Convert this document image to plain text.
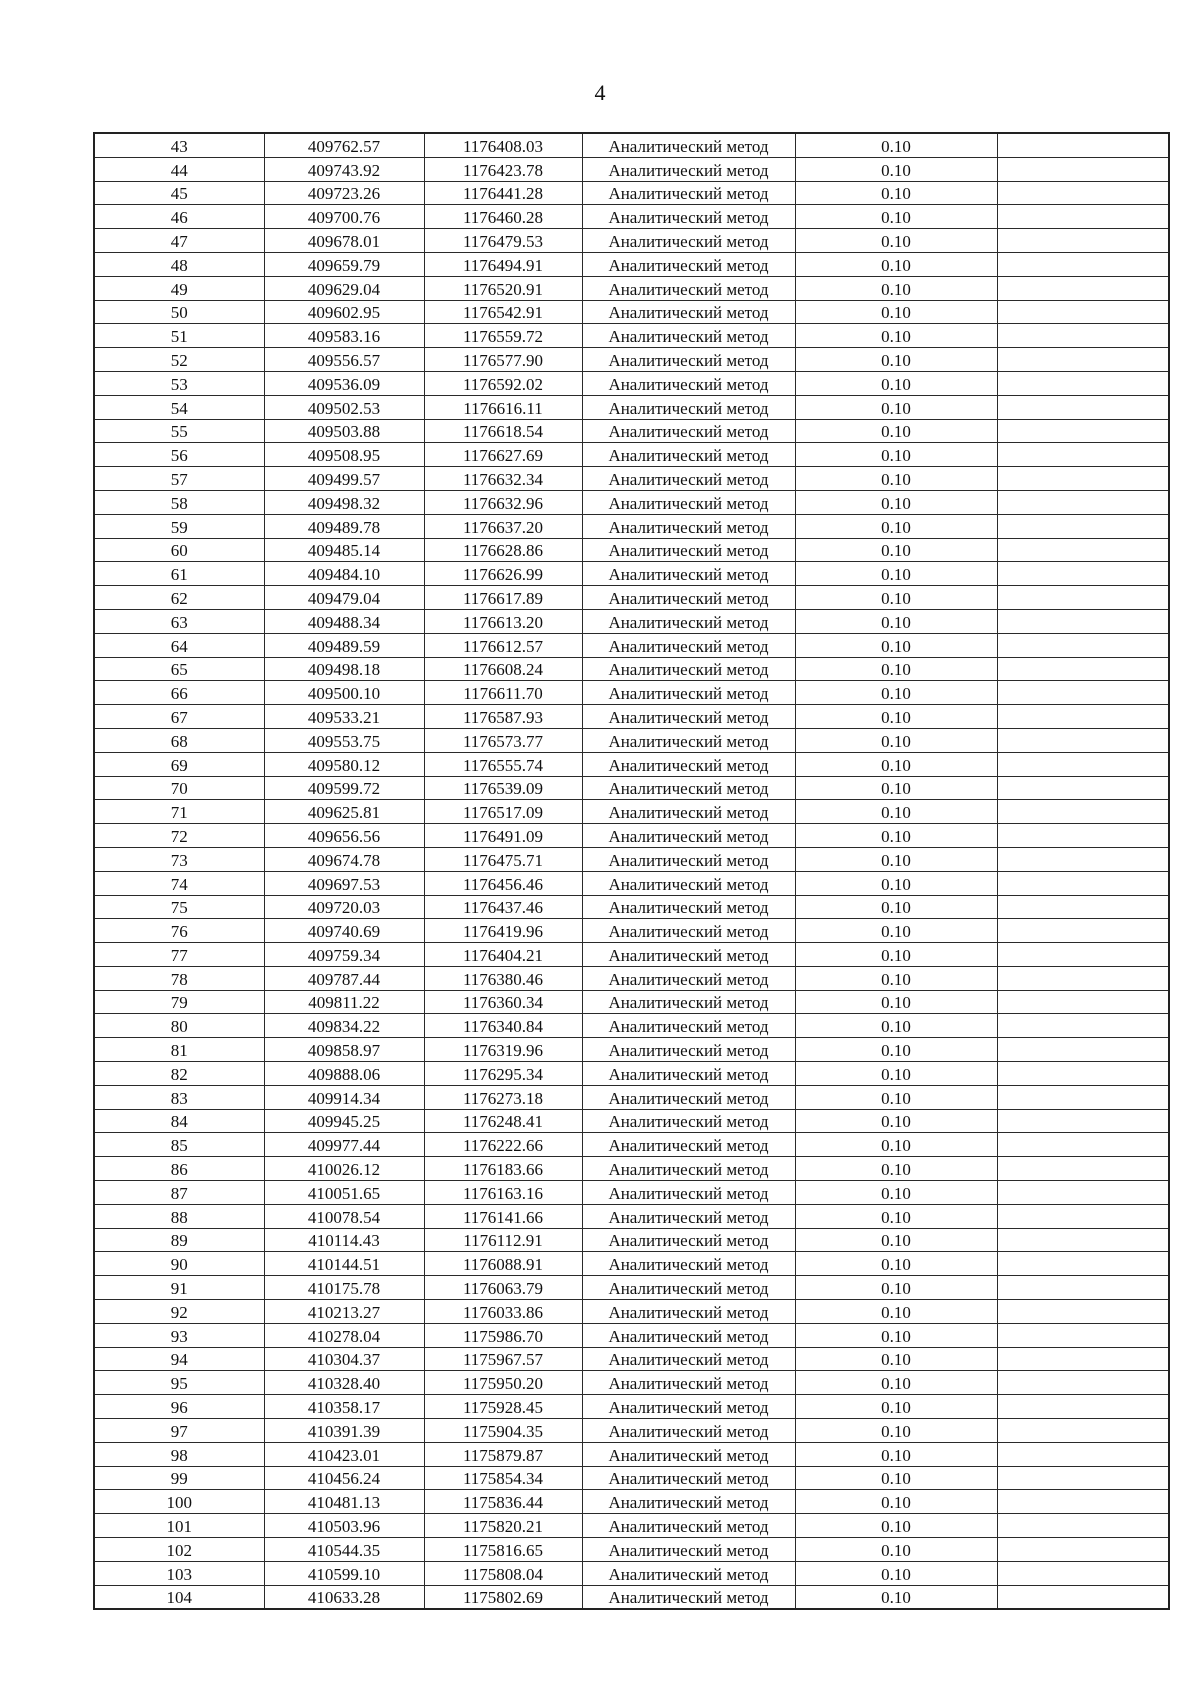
4
43	409762.57	1176408.03	Аналитический метод	0.10	
44	409743.92	1176423.78	Аналитический метод	0.10	
45	409723.26	1176441.28	Аналитический метод	0.10	
46	409700.76	1176460.28	Аналитический метод	0.10	
47	409678.01	1176479.53	Аналитический метод	0.10	
48	409659.79	1176494.91	Аналитический метод	0.10	
49	409629.04	1176520.91	Аналитический метод	0.10	
50	409602.95	1176542.91	Аналитический метод	0.10	
51	409583.16	1176559.72	Аналитический метод	0.10	
52	409556.57	1176577.90	Аналитический метод	0.10	
53	409536.09	1176592.02	Аналитический метод	0.10	
54	409502.53	1176616.11	Аналитический метод	0.10	
55	409503.88	1176618.54	Аналитический метод	0.10	
56	409508.95	1176627.69	Аналитический метод	0.10	
57	409499.57	1176632.34	Аналитический метод	0.10	
58	409498.32	1176632.96	Аналитический метод	0.10	
59	409489.78	1176637.20	Аналитический метод	0.10	
60	409485.14	1176628.86	Аналитический метод	0.10	
61	409484.10	1176626.99	Аналитический метод	0.10	
62	409479.04	1176617.89	Аналитический метод	0.10	
63	409488.34	1176613.20	Аналитический метод	0.10	
64	409489.59	1176612.57	Аналитический метод	0.10	
65	409498.18	1176608.24	Аналитический метод	0.10	
66	409500.10	1176611.70	Аналитический метод	0.10	
67	409533.21	1176587.93	Аналитический метод	0.10	
68	409553.75	1176573.77	Аналитический метод	0.10	
69	409580.12	1176555.74	Аналитический метод	0.10	
70	409599.72	1176539.09	Аналитический метод	0.10	
71	409625.81	1176517.09	Аналитический метод	0.10	
72	409656.56	1176491.09	Аналитический метод	0.10	
73	409674.78	1176475.71	Аналитический метод	0.10	
74	409697.53	1176456.46	Аналитический метод	0.10	
75	409720.03	1176437.46	Аналитический метод	0.10	
76	409740.69	1176419.96	Аналитический метод	0.10	
77	409759.34	1176404.21	Аналитический метод	0.10	
78	409787.44	1176380.46	Аналитический метод	0.10	
79	409811.22	1176360.34	Аналитический метод	0.10	
80	409834.22	1176340.84	Аналитический метод	0.10	
81	409858.97	1176319.96	Аналитический метод	0.10	
82	409888.06	1176295.34	Аналитический метод	0.10	
83	409914.34	1176273.18	Аналитический метод	0.10	
84	409945.25	1176248.41	Аналитический метод	0.10	
85	409977.44	1176222.66	Аналитический метод	0.10	
86	410026.12	1176183.66	Аналитический метод	0.10	
87	410051.65	1176163.16	Аналитический метод	0.10	
88	410078.54	1176141.66	Аналитический метод	0.10	
89	410114.43	1176112.91	Аналитический метод	0.10	
90	410144.51	1176088.91	Аналитический метод	0.10	
91	410175.78	1176063.79	Аналитический метод	0.10	
92	410213.27	1176033.86	Аналитический метод	0.10	
93	410278.04	1175986.70	Аналитический метод	0.10	
94	410304.37	1175967.57	Аналитический метод	0.10	
95	410328.40	1175950.20	Аналитический метод	0.10	
96	410358.17	1175928.45	Аналитический метод	0.10	
97	410391.39	1175904.35	Аналитический метод	0.10	
98	410423.01	1175879.87	Аналитический метод	0.10	
99	410456.24	1175854.34	Аналитический метод	0.10	
100	410481.13	1175836.44	Аналитический метод	0.10	
101	410503.96	1175820.21	Аналитический метод	0.10	
102	410544.35	1175816.65	Аналитический метод	0.10	
103	410599.10	1175808.04	Аналитический метод	0.10	
104	410633.28	1175802.69	Аналитический метод	0.10	
